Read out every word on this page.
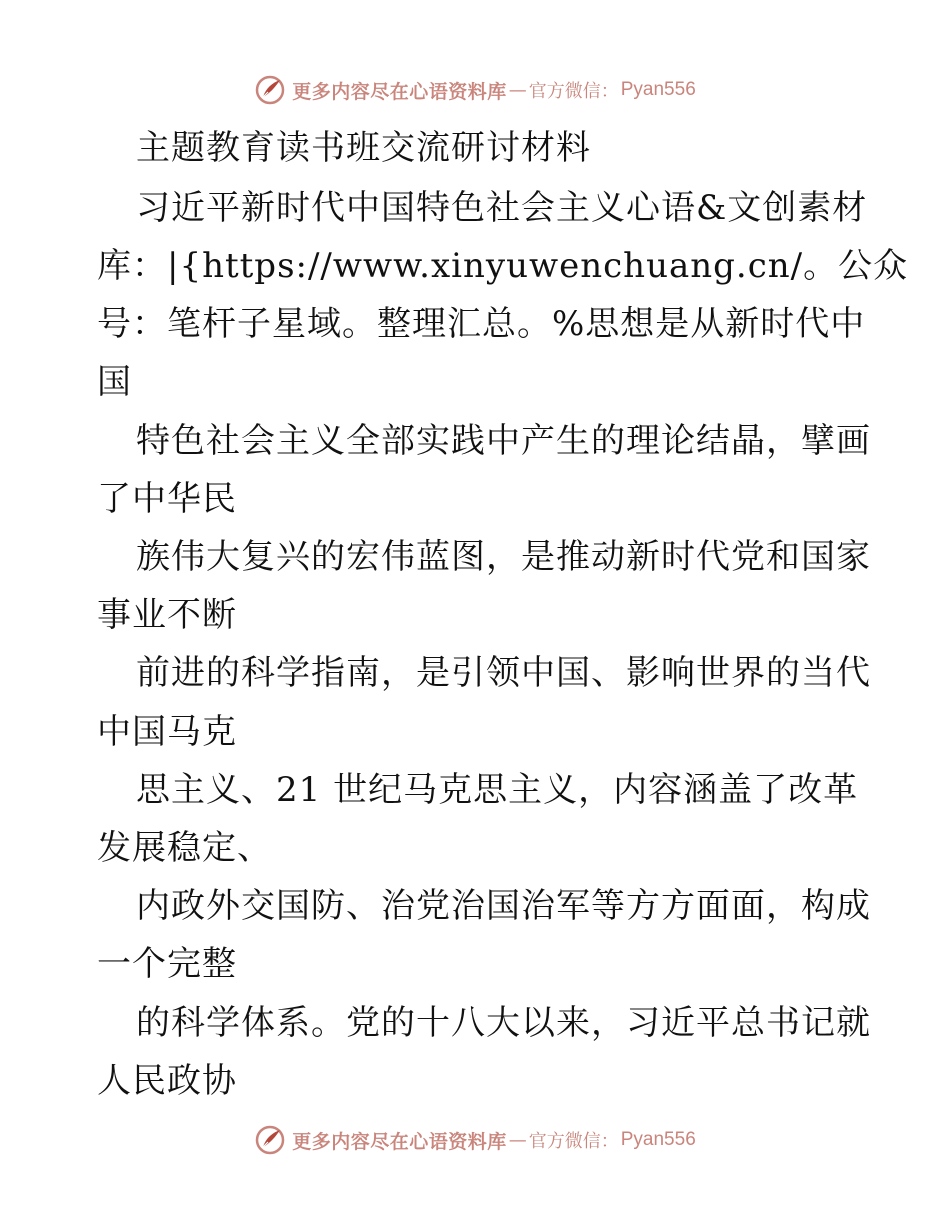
更多内容尽在心语资料库 — 官方微信： Pyan556
主题教育读书班交流研讨材料
习近平新时代中国特色社会主义心语&文创素材
库：|{https://www.xinyuwenchuang.cn/。公众
号：笔杆子星域。整理汇总。%思想是从新时代中
国
特色社会主义全部实践中产生的理论结晶，擘画
了中华民
族伟大复兴的宏伟蓝图，是推动新时代党和国家
事业不断
前进的科学指南，是引领中国、影响世界的当代
中国马克
思主义、21 世纪马克思主义，内容涵盖了改革
发展稳定、
内政外交国防、治党治国治军等方方面面，构成
一个完整
的科学体系。党的十八大以来，习近平总书记就
人民政协
更多内容尽在心语资料库 — 官方微信： Pyan556
